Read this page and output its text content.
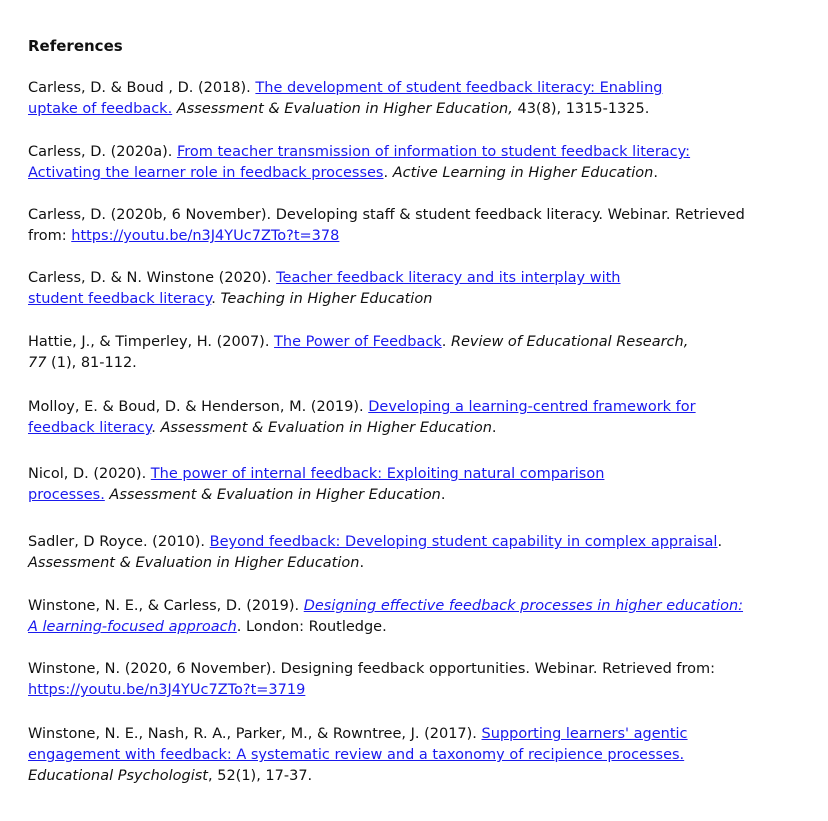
References
Carless, D. & Boud , D. (2018). The development of student feedback literacy: Enabling
uptake of feedback. Assessment & Evaluation in Higher Education, 43(8), 1315-1325.
Carless, D. (2020a). From teacher transmission of information to student feedback literacy:
Activating the learner role in feedback processes. Active Learning in Higher Education.
Carless, D. (2020b, 6 November). Developing staff & student feedback literacy. Webinar. Retrieved
from: https://youtu.be/n3J4YUc7ZTo?t=378
Carless, D. & N. Winstone (2020). Teacher feedback literacy and its interplay with
student feedback literacy. Teaching in Higher Education
Hattie, J., & Timperley, H. (2007). The Power of Feedback. Review of Educational Research,
77 (1), 81-112.
Molloy, E. & Boud, D. & Henderson, M. (2019). Developing a learning-centred framework for
feedback literacy. Assessment & Evaluation in Higher Education.
Nicol, D. (2020). The power of internal feedback: Exploiting natural comparison
processes. Assessment & Evaluation in Higher Education.
Sadler, D Royce. (2010). Beyond feedback: Developing student capability in complex appraisal.
Assessment & Evaluation in Higher Education.
Winstone, N. E., & Carless, D. (2019). Designing effective feedback processes in higher education:
A learning-focused approach. London: Routledge.
Winstone, N. (2020, 6 November). Designing feedback opportunities. Webinar. Retrieved from:
https://youtu.be/n3J4YUc7ZTo?t=3719
Winstone, N. E., Nash, R. A., Parker, M., & Rowntree, J. (2017). Supporting learners' agentic
engagement with feedback: A systematic review and a taxonomy of recipience processes.
Educational Psychologist, 52(1), 17-37.
